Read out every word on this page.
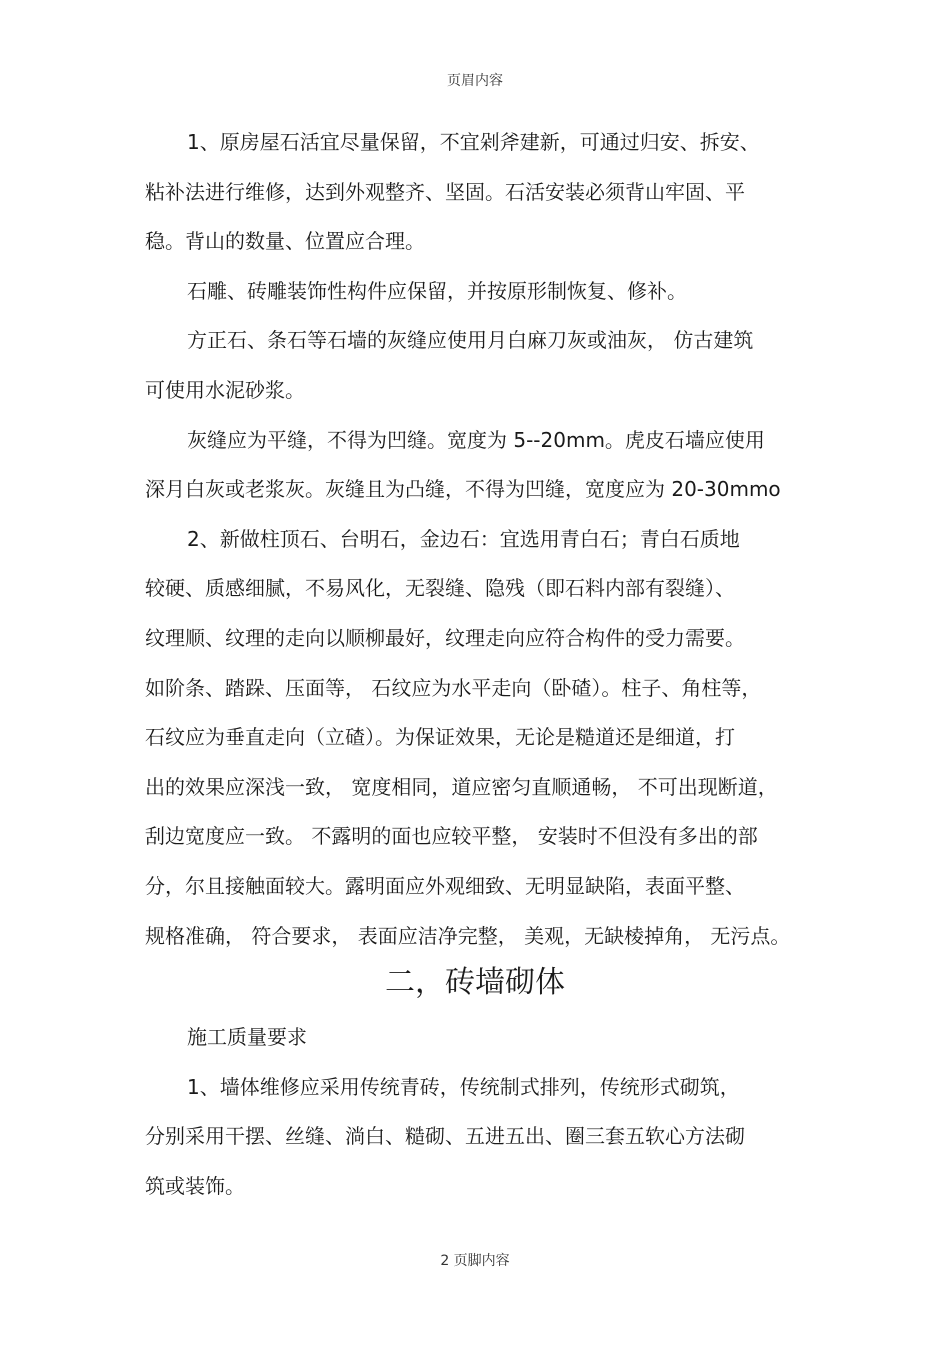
页眉内容
1、原房屋石活宜尽量保留，不宜剁斧建新，可通过归安、拆安、
粘补法进行维修，达到外观整齐、坚固。石活安装必须背山牢固、平
稳。背山的数量、位置应合理。
石雕、砖雕装饰性构件应保留，并按原形制恢复、修补。
方正石、条石等石墙的灰缝应使用月白麻刀灰或油灰， 仿古建筑
可使用水泥砂浆。
灰缝应为平缝，不得为凹缝。宽度为 5--20mm。虎皮石墙应使用
深月白灰或老浆灰。灰缝且为凸缝，不得为凹缝，宽度应为 20-30mmo
2、新做柱顶石、台明石，金边石：宜选用青白石；青白石质地
较硬、质感细腻，不易风化，无裂缝、隐残（即石料内部有裂缝）、
纹理顺、纹理的走向以顺柳最好，纹理走向应符合构件的受力需要。
如阶条、踏跺、压面等， 石纹应为水平走向（卧碴）。柱子、角柱等，
石纹应为垂直走向（立碴）。为保证效果，无论是糙道还是细道，打
出的效果应深浅一致， 宽度相同，道应密匀直顺通畅， 不可出现断道，
刮边宽度应一致。 不露明的面也应较平整， 安装时不但没有多出的部
分，尔且接触面较大。露明面应外观细致、无明显缺陷，表面平整、
规格准确， 符合要求， 表面应洁净完整， 美观，无缺棱掉角， 无污点。
二，砖墙砌体
施工质量要求
1、墙体维修应采用传统青砖，传统制式排列，传统形式砌筑，
分别采用干摆、丝缝、淌白、糙砌、五进五出、圈三套五软心方法砌
筑或装饰。
2 页脚内容
